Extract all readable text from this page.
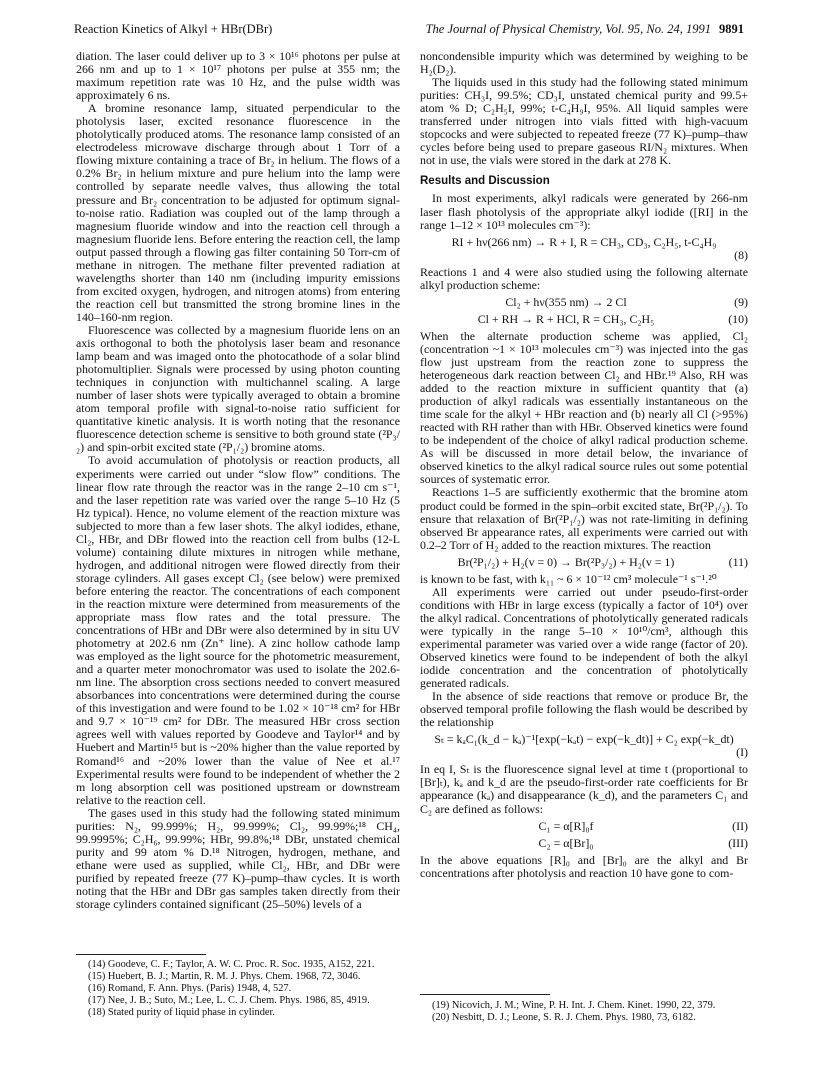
Reaction Kinetics of Alkyl + HBr(DBr)	The Journal of Physical Chemistry, Vol. 95, No. 24, 1991 9891

diation. The laser could deliver up to 3 × 10¹⁶ photons per pulse at 266 nm and up to 1 × 10¹⁷ photons per pulse at 355 nm; the maximum repetition rate was 10 Hz, and the pulse width was approximately 6 ns.

A bromine resonance lamp, situated perpendicular to the photolysis laser, excited resonance fluorescence in the photolytically produced atoms. The resonance lamp consisted of an electrodeless microwave discharge through about 1 Torr of a flowing mixture containing a trace of Br₂ in helium. The flows of a 0.2% Br₂ in helium mixture and pure helium into the lamp were controlled by separate needle valves, thus allowing the total pressure and Br₂ concentration to be adjusted for optimum signal-to-noise ratio. Radiation was coupled out of the lamp through a magnesium fluoride window and into the reaction cell through a magnesium fluoride lens. Before entering the reaction cell, the lamp output passed through a flowing gas filter containing 50 Torr-cm of methane in nitrogen. The methane filter prevented radiation at wavelengths shorter than 140 nm (including impurity emissions from excited oxygen, hydrogen, and nitrogen atoms) from entering the reaction cell but transmitted the strong bromine lines in the 140–160-nm region.

Fluorescence was collected by a magnesium fluoride lens on an axis orthogonal to both the photolysis laser beam and resonance lamp beam and was imaged onto the photocathode of a solar blind photomultiplier. Signals were processed by using photon counting techniques in conjunction with multichannel scaling. A large number of laser shots were typically averaged to obtain a bromine atom temporal profile with signal-to-noise ratio sufficient for quantitative kinetic analysis. It is worth noting that the resonance fluorescence detection scheme is sensitive to both ground state (²P₃/₂) and spin-orbit excited state (²P₁/₂) bromine atoms.

To avoid accumulation of photolysis or reaction products, all experiments were carried out under “slow flow” conditions. The linear flow rate through the reactor was in the range 2–10 cm s⁻¹, and the laser repetition rate was varied over the range 5–10 Hz (5 Hz typical). Hence, no volume element of the reaction mixture was subjected to more than a few laser shots. The alkyl iodides, ethane, Cl₂, HBr, and DBr flowed into the reaction cell from bulbs (12-L volume) containing dilute mixtures in nitrogen while methane, hydrogen, and additional nitrogen were flowed directly from their storage cylinders. All gases except Cl₂ (see below) were premixed before entering the reactor. The concentrations of each component in the reaction mixture were determined from measurements of the appropriate mass flow rates and the total pressure. The concentrations of HBr and DBr were also determined by in situ UV photometry at 202.6 nm (Zn⁺ line). A zinc hollow cathode lamp was employed as the light source for the photometric measurement, and a quarter meter monochromator was used to isolate the 202.6-nm line. The absorption cross sections needed to convert measured absorbances into concentrations were determined during the course of this investigation and were found to be 1.02 × 10⁻¹⁸ cm² for HBr and 9.7 × 10⁻¹⁹ cm² for DBr. The measured HBr cross section agrees well with values reported by Goodeve and Taylor¹⁴ and by Huebert and Martin¹⁵ but is ~20% higher than the value reported by Romand¹⁶ and ~20% lower than the value of Nee et al.¹⁷ Experimental results were found to be independent of whether the 2 m long absorption cell was positioned upstream or downstream relative to the reaction cell.

The gases used in this study had the following stated minimum purities: N₂, 99.999%; H₂, 99.999%; Cl₂, 99.99%;¹⁸ CH₄, 99.9995%; C₂H₆, 99.99%; HBr, 99.8%;¹⁸ DBr, unstated chemical purity and 99 atom % D.¹⁸ Nitrogen, hydrogen, methane, and ethane were used as supplied, while Cl₂, HBr, and DBr were purified by repeated freeze (77 K)–pump–thaw cycles. It is worth noting that the HBr and DBr gas samples taken directly from their storage cylinders contained significant (25–50%) levels of a

(14) Goodeve, C. F.; Taylor, A. W. C. Proc. R. Soc. 1935, A152, 221.

(15) Huebert, B. J.; Martin, R. M. J. Phys. Chem. 1968, 72, 3046.

(16) Romand, F. Ann. Phys. (Paris) 1948, 4, 527.

(17) Nee, J. B.; Suto, M.; Lee, L. C. J. Chem. Phys. 1986, 85, 4919.

(18) Stated purity of liquid phase in cylinder.

noncondensible impurity which was determined by weighing to be H₂(D₂).

The liquids used in this study had the following stated minimum purities: CH₃I, 99.5%; CD₃I, unstated chemical purity and 99.5+ atom % D; C₂H₅I, 99%; t-C₄H₉I, 95%. All liquid samples were transferred under nitrogen into vials fitted with high-vacuum stopcocks and were subjected to repeated freeze (77 K)–pump–thaw cycles before being used to prepare gaseous RI/N₂ mixtures. When not in use, the vials were stored in the dark at 278 K.

Results and Discussion

In most experiments, alkyl radicals were generated by 266-nm laser flash photolysis of the appropriate alkyl iodide ([RI] in the range 1–12 × 10¹³ molecules cm⁻³):

RI + hν(266 nm) → R + I, R = CH₃, CD₃, C₂H₅, t-C₄H₉
(8)

Reactions 1 and 4 were also studied using the following alternate alkyl production scheme:

Cl₂ + hν(355 nm) → 2 Cl	(9)
Cl + RH → R + HCl, R = CH₃, C₂H₅	(10)

When the alternate production scheme was applied, Cl₂ (concentration ~1 × 10¹³ molecules cm⁻³) was injected into the gas flow just upstream from the reaction zone to suppress the heterogeneous dark reaction between Cl₂ and HBr.¹⁹ Also, RH was added to the reaction mixture in sufficient quantity that (a) production of alkyl radicals was essentially instantaneous on the time scale for the alkyl + HBr reaction and (b) nearly all Cl (>95%) reacted with RH rather than with HBr. Observed kinetics were found to be independent of the choice of alkyl radical production scheme. As will be discussed in more detail below, the invariance of observed kinetics to the alkyl radical source rules out some potential sources of systematic error.

Reactions 1–5 are sufficiently exothermic that the bromine atom product could be formed in the spin–orbit excited state, Br(²P₁/₂). To ensure that relaxation of Br(²P₁/₂) was not rate-limiting in defining observed Br appearance rates, all experiments were carried out with 0.2–2 Torr of H₂ added to the reaction mixtures. The reaction

Br(²P₁/₂) + H₂(v = 0) → Br(²P₃/₂) + H₂(v = 1)	(11)

is known to be fast, with k₁₁ ~ 6 × 10⁻¹² cm³ molecule⁻¹ s⁻¹.²⁰

All experiments were carried out under pseudo-first-order conditions with HBr in large excess (typically a factor of 10⁴) over the alkyl radical. Concentrations of photolytically generated radicals were typically in the range 5–10 × 10¹⁰/cm³, although this experimental parameter was varied over a wide range (factor of 20). Observed kinetics were found to be independent of both the alkyl iodide concentration and the concentration of photolytically generated radicals.

In the absence of side reactions that remove or produce Br, the observed temporal profile following the flash would be described by the relationship

Sₜ = kₐC₁(k_d − kₐ)⁻¹[exp(−kₐt) − exp(−k_dt)] + C₂ exp(−k_dt)
(I)

In eq I, Sₜ is the fluorescence signal level at time t (proportional to [Br]ₜ), kₐ and k_d are the pseudo-first-order rate coefficients for Br appearance (kₐ) and disappearance (k_d), and the parameters C₁ and C₂ are defined as follows:

C₁ = α[R]₀f	(II)
C₂ = α[Br]₀	(III)

In the above equations [R]₀ and [Br]₀ are the alkyl and Br concentrations after photolysis and reaction 10 have gone to com-

(19) Nicovich, J. M.; Wine, P. H. Int. J. Chem. Kinet. 1990, 22, 379.

(20) Nesbitt, D. J.; Leone, S. R. J. Chem. Phys. 1980, 73, 6182.
